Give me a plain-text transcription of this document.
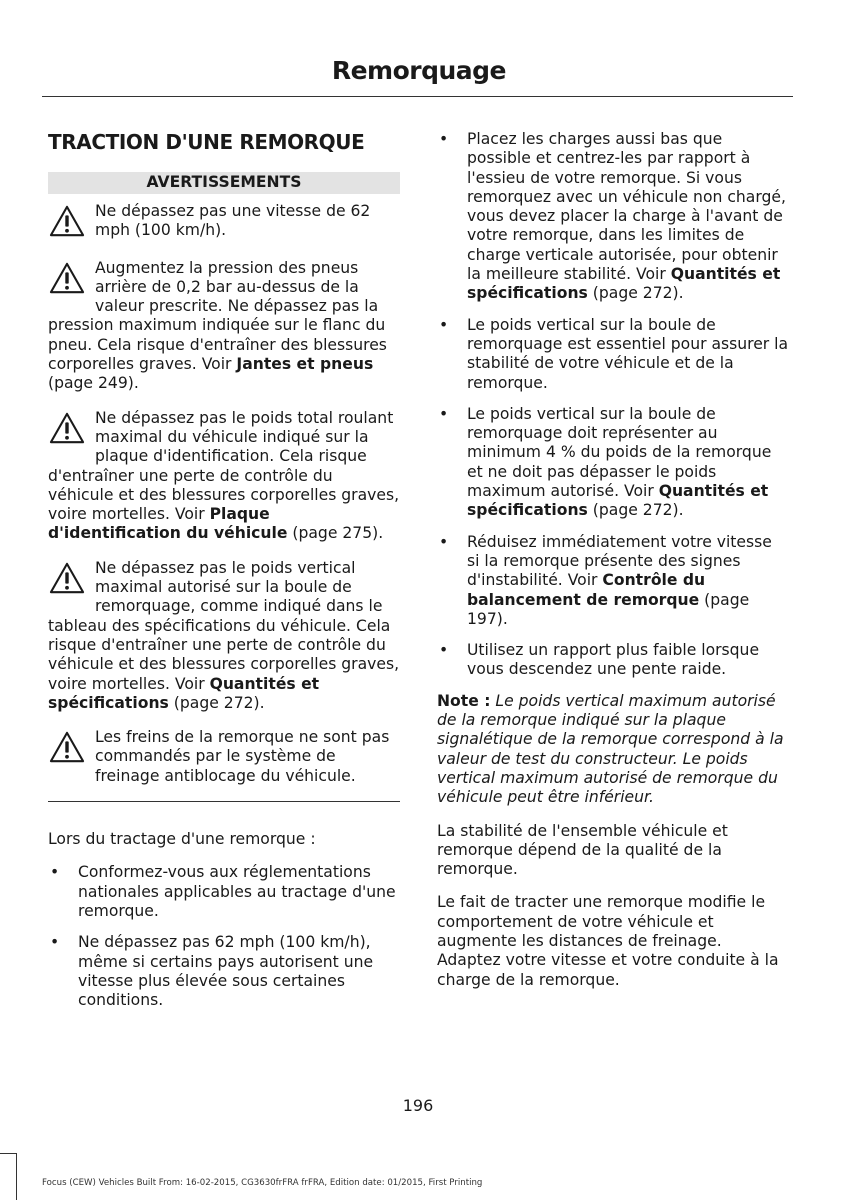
Remorquage
TRACTION D'UNE REMORQUE
AVERTISSEMENTS
Ne dépassez pas une vitesse de 62 mph (100 km/h).
Augmentez la pression des pneus arrière de 0,2 bar au-dessus de la valeur prescrite. Ne dépassez pas la pression maximum indiquée sur le flanc du pneu. Cela risque d'entraîner des blessures corporelles graves. Voir Jantes et pneus (page 249).
Ne dépassez pas le poids total roulant maximal du véhicule indiqué sur la plaque d'identification. Cela risque d'entraîner une perte de contrôle du véhicule et des blessures corporelles graves, voire mortelles. Voir Plaque d'identification du véhicule (page 275).
Ne dépassez pas le poids vertical maximal autorisé sur la boule de remorquage, comme indiqué dans le tableau des spécifications du véhicule. Cela risque d'entraîner une perte de contrôle du véhicule et des blessures corporelles graves, voire mortelles. Voir Quantités et spécifications (page 272).
Les freins de la remorque ne sont pas commandés par le système de freinage antiblocage du véhicule.

Lors du tractage d'une remorque :

• Conformez-vous aux réglementations nationales applicables au tractage d'une remorque.
• Ne dépassez pas 62 mph (100 km/h), même si certains pays autorisent une vitesse plus élevée sous certaines conditions.
• Placez les charges aussi bas que possible et centrez-les par rapport à l'essieu de votre remorque. Si vous remorquez avec un véhicule non chargé, vous devez placer la charge à l'avant de votre remorque, dans les limites de charge verticale autorisée, pour obtenir la meilleure stabilité. Voir Quantités et spécifications (page 272).
• Le poids vertical sur la boule de remorquage est essentiel pour assurer la stabilité de votre véhicule et de la remorque.
• Le poids vertical sur la boule de remorquage doit représenter au minimum 4 % du poids de la remorque et ne doit pas dépasser le poids maximum autorisé. Voir Quantités et spécifications (page 272).
• Réduisez immédiatement votre vitesse si la remorque présente des signes d'instabilité. Voir Contrôle du balancement de remorque (page 197).
• Utilisez un rapport plus faible lorsque vous descendez une pente raide.

Note : Le poids vertical maximum autorisé de la remorque indiqué sur la plaque signalétique de la remorque correspond à la valeur de test du constructeur. Le poids vertical maximum autorisé de remorque du véhicule peut être inférieur.

La stabilité de l'ensemble véhicule et remorque dépend de la qualité de la remorque.

Le fait de tracter une remorque modifie le comportement de votre véhicule et augmente les distances de freinage. Adaptez votre vitesse et votre conduite à la charge de la remorque.

196
Focus (CEW) Vehicles Built From: 16-02-2015, CG3630frFRA frFRA, Edition date: 01/2015, First Printing
